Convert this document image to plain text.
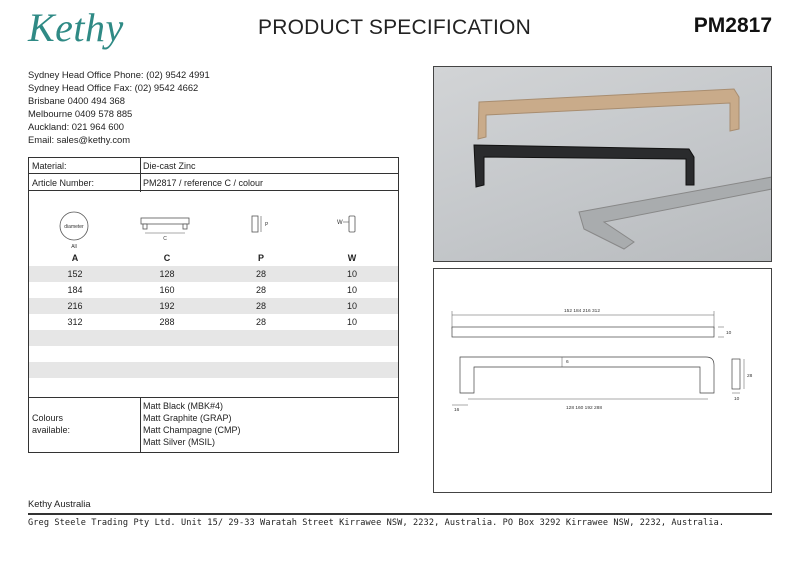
Kethy	PRODUCT SPECIFICATION	PM2817
Sydney Head Office Phone: (02) 9542 4991
Sydney Head Office Fax: (02) 9542 4662
Brisbane 0400 494 368
Melbourne 0409 578 885
Auckland: 021 964 600
Email: sales@kethy.com
Material:	Die-cast Zinc
Article Number:	PM2817 / reference C / colour
diameter
All
C
P	W
A	C	P	W
152	128	28	10
184	160	28	10
216	192	28	10
312	288	28	10
Colours
available:
Matt Black (MBK#4)
Matt Graphite (GRAP)
Matt Champagne (CMP)
Matt Silver (MSIL)
152 184 216 312
10
6
16	128 160 192 288
28
10
Kethy Australia
Greg Steele Trading Pty Ltd. Unit 15/ 29-33 Waratah Street Kirrawee NSW, 2232, Australia. PO Box 3292 Kirrawee NSW, 2232, Australia.
